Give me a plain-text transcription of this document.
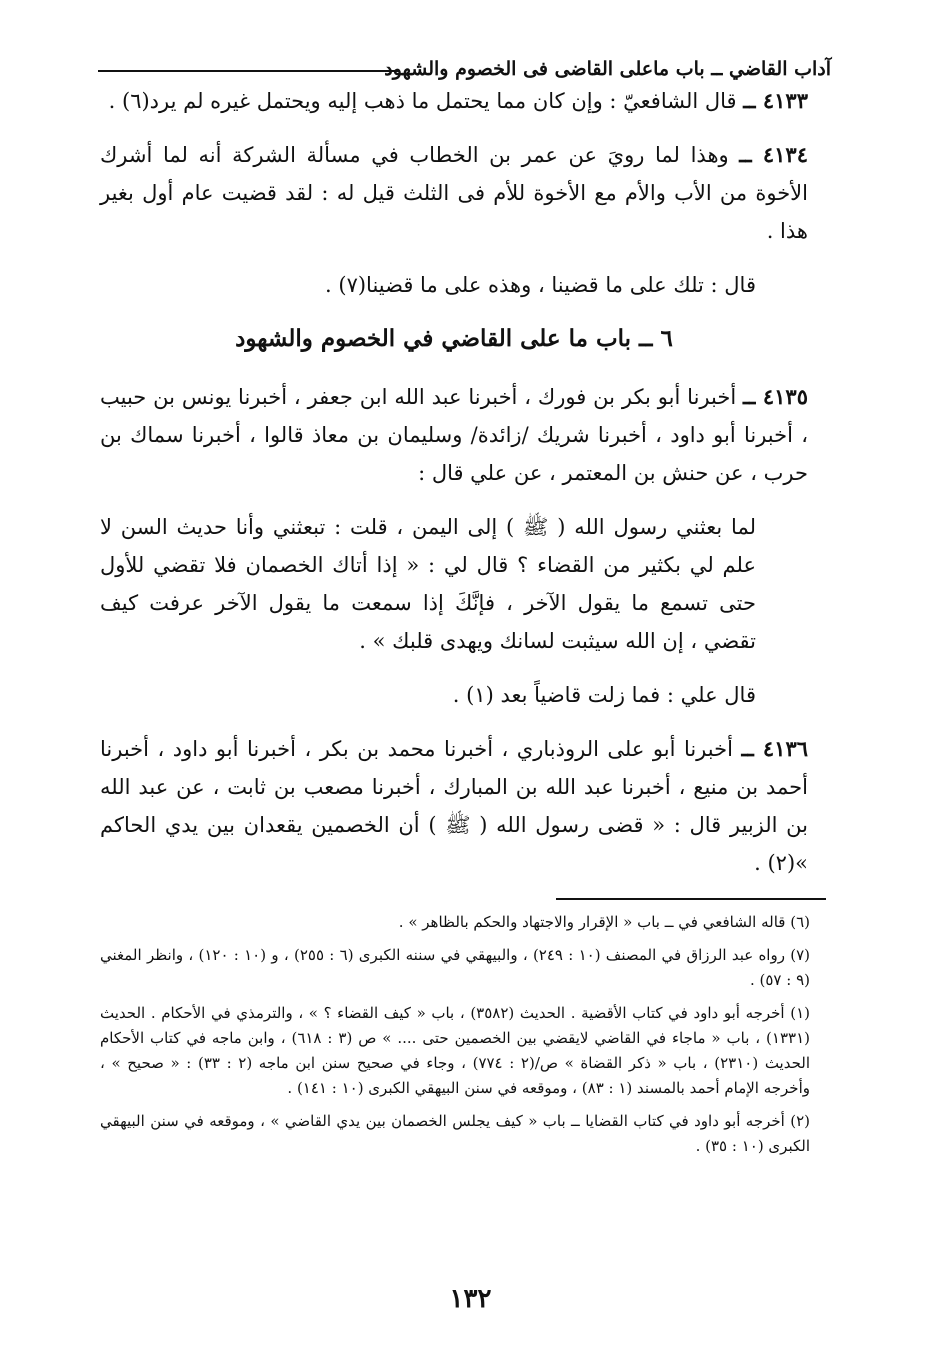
آداب القاضي ــ باب ماعلى القاضى فى الخصوم والشهود

٤١٣٣ ــ قال الشافعيّ : وإن كان مما يحتمل ما ذهب إليه ويحتمل غيره لم يرد(٦) .

٤١٣٤ ــ وهذا لما رويَ عن عمر بن الخطاب في مسألة الشركة أنه لما أشرك الأخوة من الأب والأم مع الأخوة للأم فى الثلث قيل له : لقد قضيت عام أول بغير هذا .

قال : تلك على ما قضينا ، وهذه على ما قضينا(٧) .

٦ ــ باب ما على القاضي في الخصوم والشهود

٤١٣٥ ــ أخبرنا أبو بكر بن فورك ، أخبرنا عبد الله ابن جعفر ، أخبرنا يونس بن حبيب ، أخبرنا أبو داود ، أخبرنا شريك /زائدة/ وسليمان بن معاذ قالوا ، أخبرنا سماك بن حرب ، عن حنش بن المعتمر ، عن علي قال :

لما بعثني رسول الله ( ﷺ ) إلى اليمن ، قلت : تبعثني وأنا حديث السن لا علم لي بكثير من القضاء ؟ قال لي : « إذا أتاك الخصمان فلا تقضي للأول حتى تسمع ما يقول الآخر ، فإنَّكَ إذا سمعت ما يقول الآخر عرفت كيف تقضي ، إن الله سيثبت لسانك ويهدى قلبك » .

قال علي : فما زلت قاضياً بعد (١) .

٤١٣٦ ــ أخبرنا أبو على الروذباري ، أخبرنا محمد بن بكر ، أخبرنا أبو داود ، أخبرنا أحمد بن منيع ، أخبرنا عبد الله بن المبارك ، أخبرنا مصعب بن ثابت ، عن عبد الله بن الزبير قال : « قضى رسول الله ( ﷺ ) أن الخصمين يقعدان بين يدي الحاكم »(٢) .

(٦) قاله الشافعي في ــ باب « الإقرار والاجتهاد والحكم بالظاهر » .

(٧) رواه عبد الرزاق في المصنف (١٠ : ٢٤٩) ، والبيهقي في سننه الكبرى (٦ : ٢٥٥) ، و (١٠ : ١٢٠) ، وانظر المغني (٩ : ٥٧) .

(١) أخرجه أبو داود في كتاب الأقضية . الحديث (٣٥٨٢) ، باب « كيف القضاء ؟ » ، والترمذي في الأحكام . الحديث (١٣٣١) ، باب « ماجاء في القاضي لايقضي بين الخصمين حتى .... » ص (٣ : ٦١٨) ، وابن ماجه في كتاب الأحكام الحديث (٢٣١٠) ، باب « ذكر القضاة » ص/(٢ : ٧٧٤) ، وجاء في صحيح سنن ابن ماجه (٢ : ٣٣) : « صحيح » ، وأخرجه الإمام أحمد بالمسند (١ : ٨٣) ، وموقعه في سنن البيهقي الكبرى (١٠ : ١٤١) .

(٢) أخرجه أبو داود في كتاب القضايا ــ باب « كيف يجلس الخصمان بين يدي القاضي » ، وموقعه في سنن البيهقي الكبرى (١٠ : ٣٥) .

١٣٢
